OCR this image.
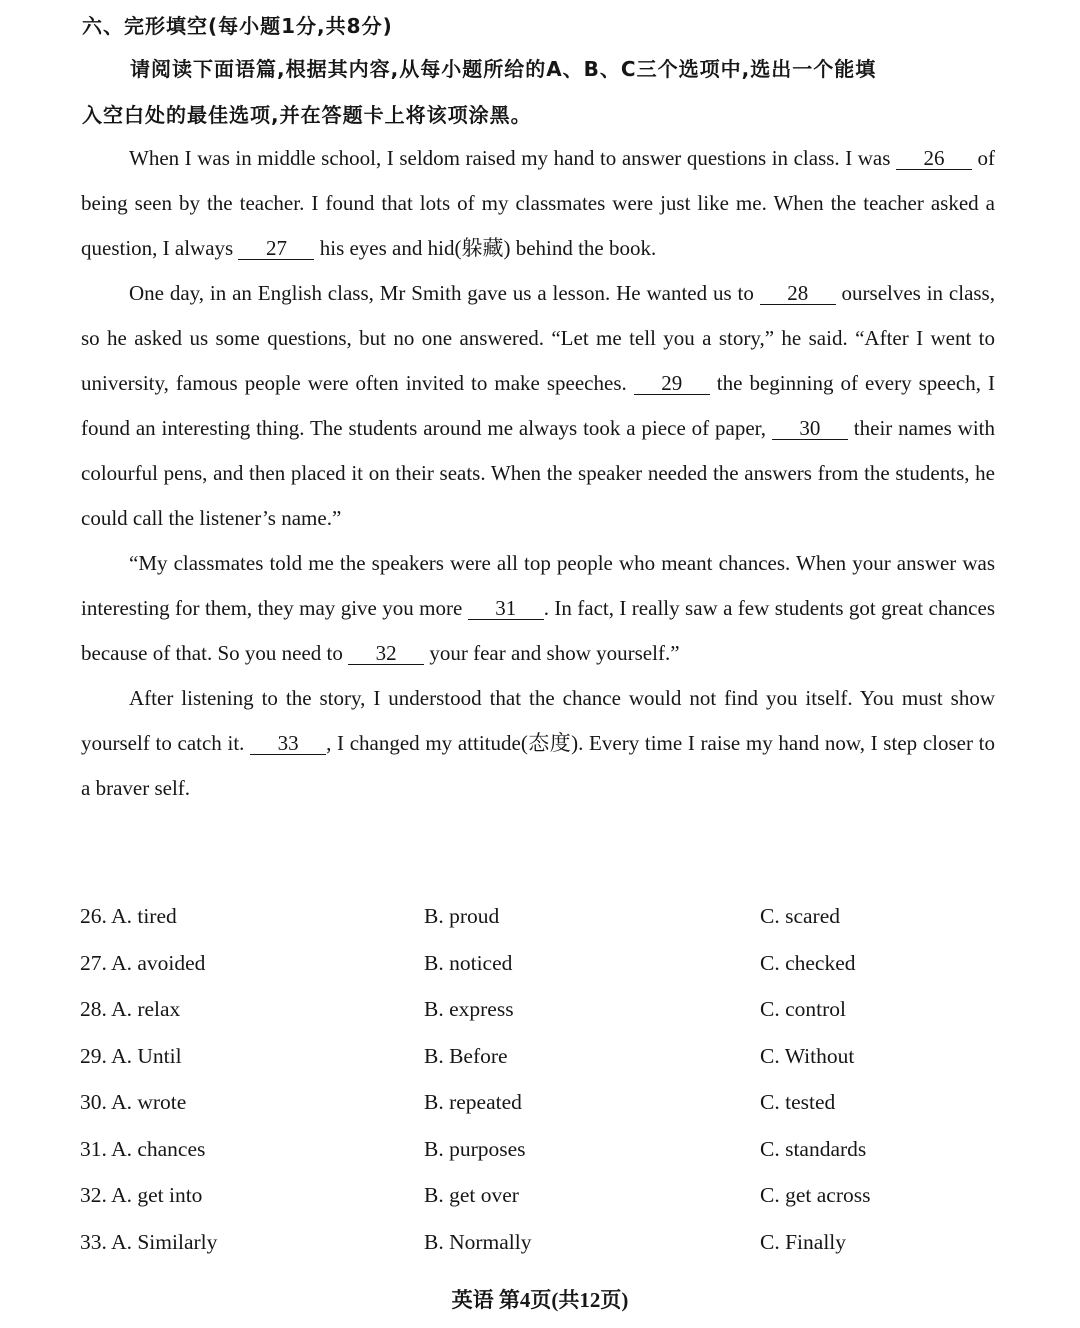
六、完形填空(每小题1分,共8分)
请阅读下面语篇,根据其内容,从每小题所给的A、B、C三个选项中,选出一个能填
入空白处的最佳选项,并在答题卡上将该项涂黑。

When I was in middle school, I seldom raised my hand to answer questions in class. I was 26 of being seen by the teacher. I found that lots of my classmates were just like me. When the teacher asked a question, I always 27 his eyes and hid(躲藏) behind the book.

One day, in an English class, Mr Smith gave us a lesson. He wanted us to 28 ourselves in class, so he asked us some questions, but no one answered. “Let me tell you a story,” he said. “After I went to university, famous people were often invited to make speeches. 29 the beginning of every speech, I found an interesting thing. The students around me always took a piece of paper, 30 their names with colourful pens, and then placed it on their seats. When the speaker needed the answers from the students, he could call the listener’s name.”

“My classmates told me the speakers were all top people who meant chances. When your answer was interesting for them, they may give you more 31 . In fact, I really saw a few students got great chances because of that. So you need to 32 your fear and show yourself.”

After listening to the story, I understood that the chance would not find you itself. You must show yourself to catch it. 33 , I changed my attitude(态度). Every time I raise my hand now, I step closer to a braver self.

26. A. tired	B. proud	C. scared
27. A. avoided	B. noticed	C. checked
28. A. relax	B. express	C. control
29. A. Until	B. Before	C. Without
30. A. wrote	B. repeated	C. tested
31. A. chances	B. purposes	C. standards
32. A. get into	B. get over	C. get across
33. A. Similarly	B. Normally	C. Finally
英语 第4页(共12页)
